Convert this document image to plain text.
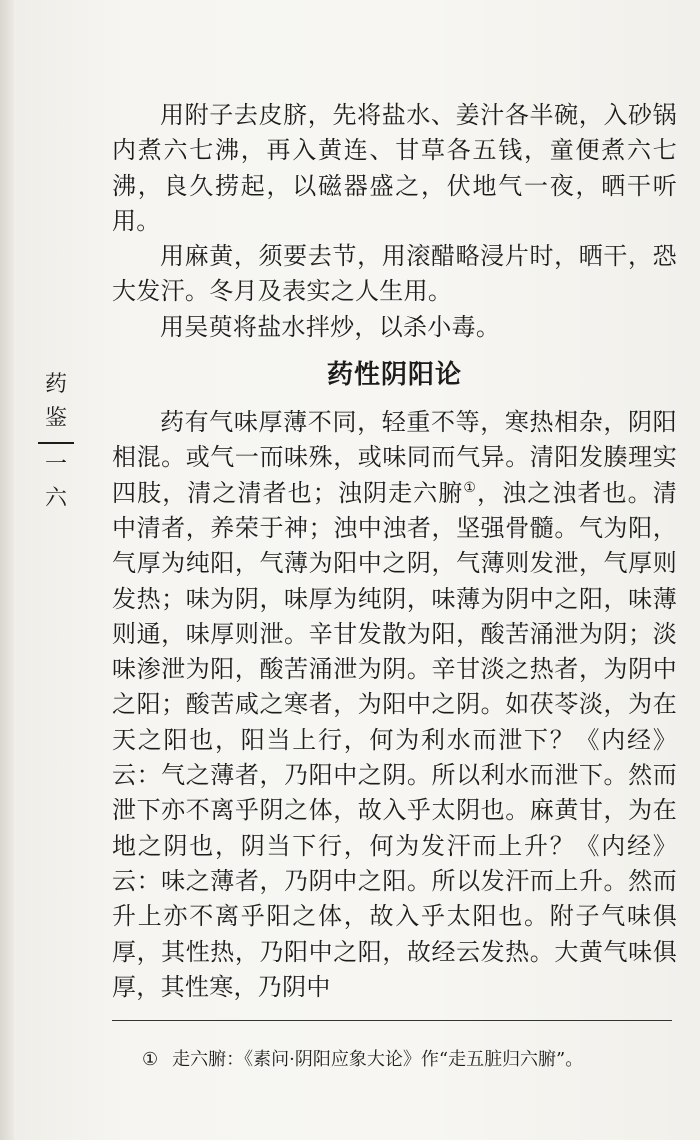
药
鉴
一
六

用附子去皮脐，先将盐水、姜汁各半碗，入砂锅内煮六七沸，再入黄连、甘草各五钱，童便煮六七沸，良久捞起，以磁器盛之，伏地气一夜，晒干听用。

用麻黄，须要去节，用滚醋略浸片时，晒干，恐大发汗。冬月及表实之人生用。

用吴萸将盐水拌炒，以杀小毒。

药性阴阳论

药有气味厚薄不同，轻重不等，寒热相杂，阴阳相混。或气一而味殊，或味同而气异。清阳发腠理实四肢，清之清者也；浊阴走六腑①，浊之浊者也。清中清者，养荣于神；浊中浊者，坚强骨髓。气为阳，气厚为纯阳，气薄为阳中之阴，气薄则发泄，气厚则发热；味为阴，味厚为纯阴，味薄为阴中之阳，味薄则通，味厚则泄。辛甘发散为阳，酸苦涌泄为阴；淡味渗泄为阳，酸苦涌泄为阴。辛甘淡之热者，为阴中之阳；酸苦咸之寒者，为阳中之阴。如茯苓淡，为在天之阳也，阳当上行，何为利水而泄下？《内经》云：气之薄者，乃阳中之阴。所以利水而泄下。然而泄下亦不离乎阴之体，故入乎太阴也。麻黄甘，为在地之阴也，阴当下行，何为发汗而上升？《内经》云：味之薄者，乃阴中之阳。所以发汗而上升。然而升上亦不离乎阳之体，故入乎太阳也。附子气味俱厚，其性热，乃阳中之阳，故经云发热。大黄气味俱厚，其性寒，乃阴中

① 走六腑：《素问·阴阳应象大论》作“走五脏归六腑”。
